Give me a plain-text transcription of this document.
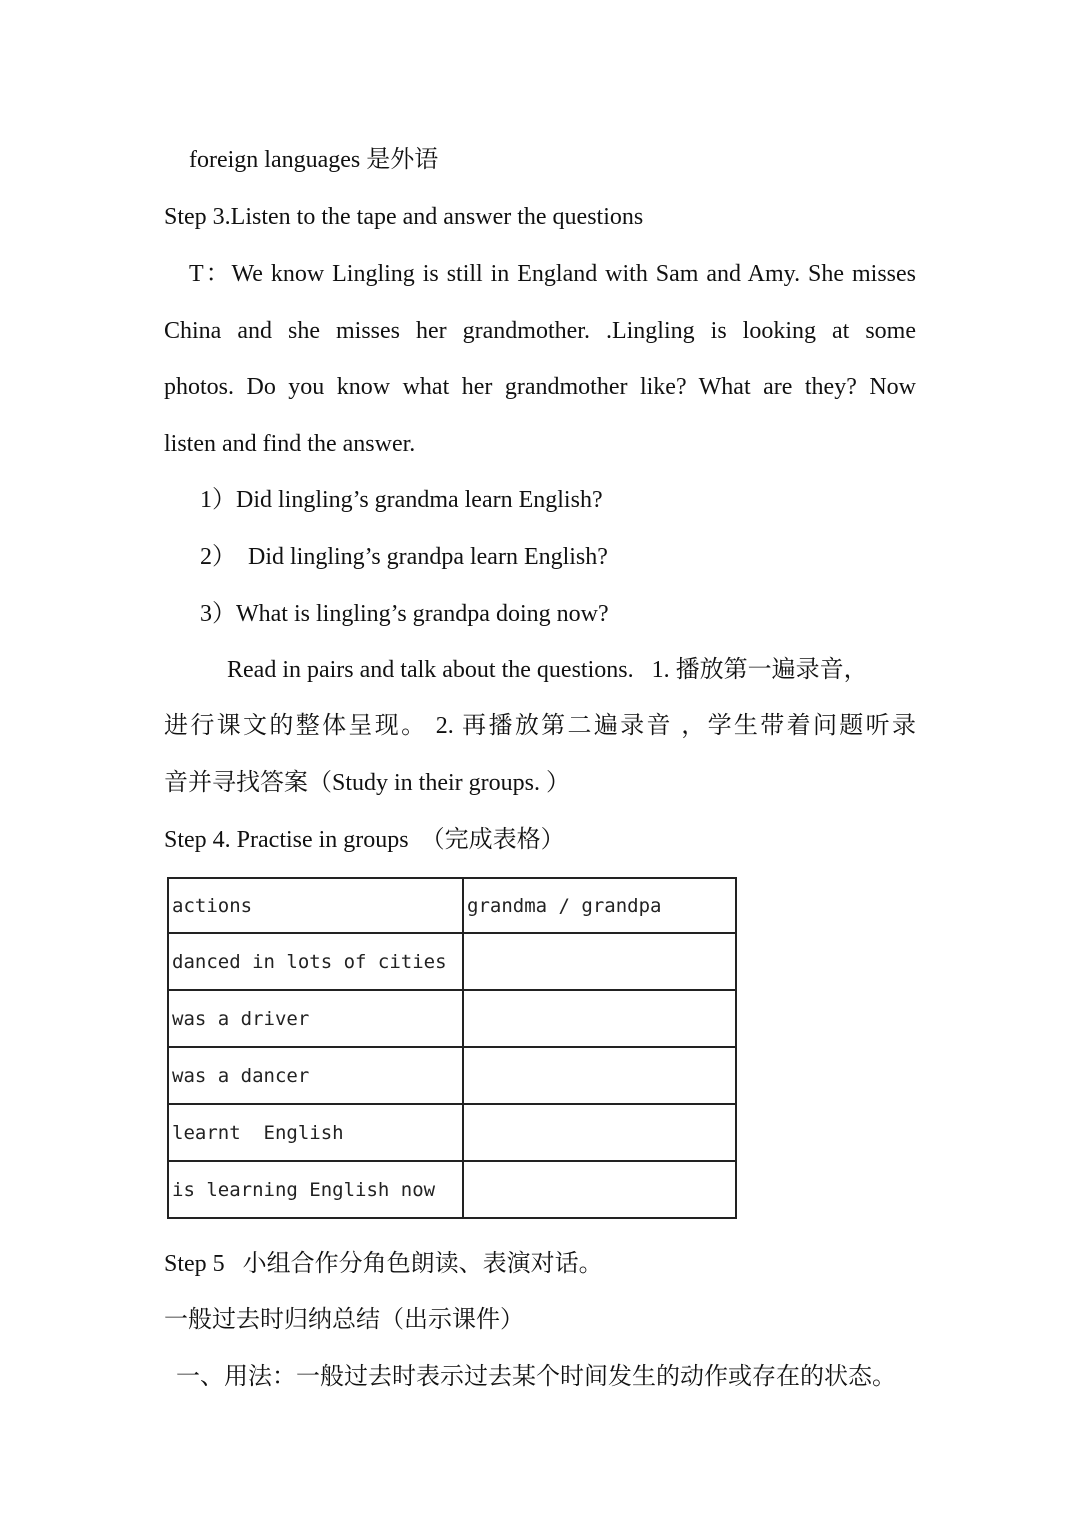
foreign languages 是外语
Step 3.Listen to the tape and answer the questions
T：We know Lingling is still in England with Sam and Amy. She misses
China and she misses her grandmother. .Lingling is looking at some
photos. Do you know what her grandmother like? What are they? Now
listen and find the answer.
1）Did lingling’s grandma learn English?
2）  Did lingling’s grandpa learn English?
3）What is lingling’s grandpa doing now?
Read in pairs and talk about the questions.   1. 播放第一遍录音，
进行课文的整体呈现。 2. 再播放第二遍录音 ，学生带着问题听录
音并寻找答案（Study in their groups. ）
Step 4. Practise in groups  （完成表格）
actions	grandma / grandpa
danced in lots of cities	
was a driver	
was a dancer	
learnt  English	
is learning English now	
Step 5   小组合作分角色朗读、表演对话。
一般过去时归纳总结（出示课件）
一、用法：一般过去时表示过去某个时间发生的动作或存在的状态。
